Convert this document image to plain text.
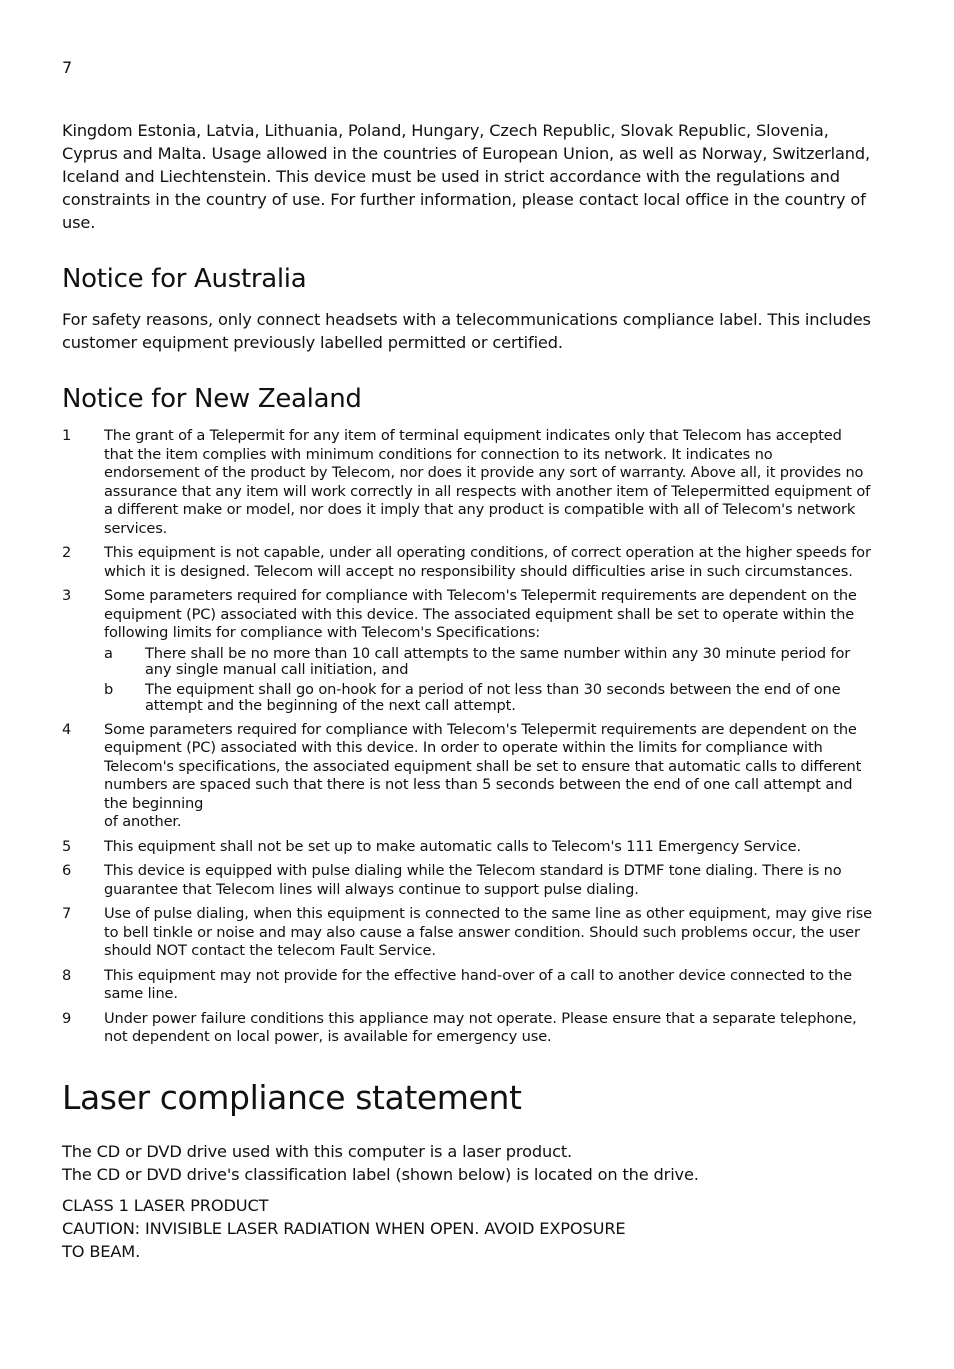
7

Kingdom Estonia, Latvia, Lithuania, Poland, Hungary, Czech Republic, Slovak Republic, Slovenia, Cyprus and Malta. Usage allowed in the countries of European Union, as well as Norway, Switzerland, Iceland and Liechtenstein. This device must be used in strict accordance with the regulations and constraints in the country of use. For further information, please contact local office in the country of use.

Notice for Australia

For safety reasons, only connect headsets with a telecommunications compliance label. This includes customer equipment previously labelled permitted or certified.

Notice for New Zealand
1 The grant of a Telepermit for any item of terminal equipment indicates only that Telecom has accepted that the item complies with minimum conditions for connection to its network. It indicates no endorsement of the product by Telecom, nor does it provide any sort of warranty. Above all, it provides no assurance that any item will work correctly in all respects with another item of Telepermitted equipment of a different make or model, nor does it imply that any product is compatible with all of Telecom's network services.
2 This equipment is not capable, under all operating conditions, of correct operation at the higher speeds for which it is designed. Telecom will accept no responsibility should difficulties arise in such circumstances.
3 Some parameters required for compliance with Telecom's Telepermit requirements are dependent on the equipment (PC) associated with this device. The associated equipment shall be set to operate within the following limits for compliance with Telecom's Specifications:
a There shall be no more than 10 call attempts to the same number within any 30 minute period for any single manual call initiation, and
b The equipment shall go on-hook for a period of not less than 30 seconds between the end of one attempt and the beginning of the next call attempt.
4 Some parameters required for compliance with Telecom's Telepermit requirements are dependent on the equipment (PC) associated with this device. In order to operate within the limits for compliance with Telecom's specifications, the associated equipment shall be set to ensure that automatic calls to different numbers are spaced such that there is not less than 5 seconds between the end of one call attempt and the beginning
of another.
5 This equipment shall not be set up to make automatic calls to Telecom's 111 Emergency Service.
6 This device is equipped with pulse dialing while the Telecom standard is DTMF tone dialing. There is no guarantee that Telecom lines will always continue to support pulse dialing.
7 Use of pulse dialing, when this equipment is connected to the same line as other equipment, may give rise to bell tinkle or noise and may also cause a false answer condition. Should such problems occur, the user should NOT contact the telecom Fault Service.
8 This equipment may not provide for the effective hand-over of a call to another device connected to the same line.
9 Under power failure conditions this appliance may not operate. Please ensure that a separate telephone, not dependent on local power, is available for emergency use.
Laser compliance statement
The CD or DVD drive used with this computer is a laser product.
The CD or DVD drive's classification label (shown below) is located on the drive.
CLASS 1 LASER PRODUCT
CAUTION: INVISIBLE LASER RADIATION WHEN OPEN. AVOID EXPOSURE
TO BEAM.
